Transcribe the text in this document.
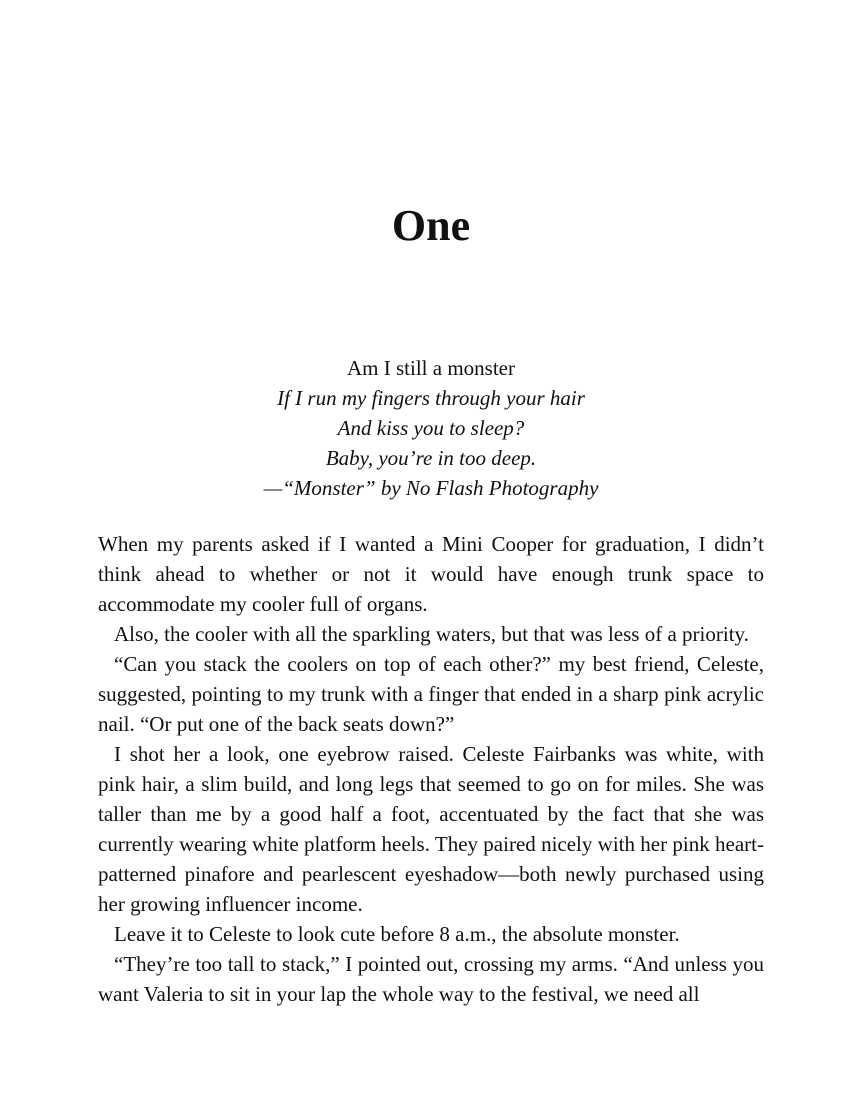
One
Am I still a monster
If I run my fingers through your hair
And kiss you to sleep?
Baby, you’re in too deep.
—“Monster” by No Flash Photography

When my parents asked if I wanted a Mini Cooper for graduation, I didn’t think ahead to whether or not it would have enough trunk space to accommodate my cooler full of organs.

Also, the cooler with all the sparkling waters, but that was less of a priority.

“Can you stack the coolers on top of each other?” my best friend, Celeste, suggested, pointing to my trunk with a finger that ended in a sharp pink acrylic nail. “Or put one of the back seats down?”

I shot her a look, one eyebrow raised. Celeste Fairbanks was white, with pink hair, a slim build, and long legs that seemed to go on for miles. She was taller than me by a good half a foot, accentuated by the fact that she was currently wearing white platform heels. They paired nicely with her pink heart-patterned pinafore and pearlescent eyeshadow—both newly purchased using her growing influencer income.

Leave it to Celeste to look cute before 8 a.m., the absolute monster.

“They’re too tall to stack,” I pointed out, crossing my arms. “And unless you want Valeria to sit in your lap the whole way to the festival, we need all
